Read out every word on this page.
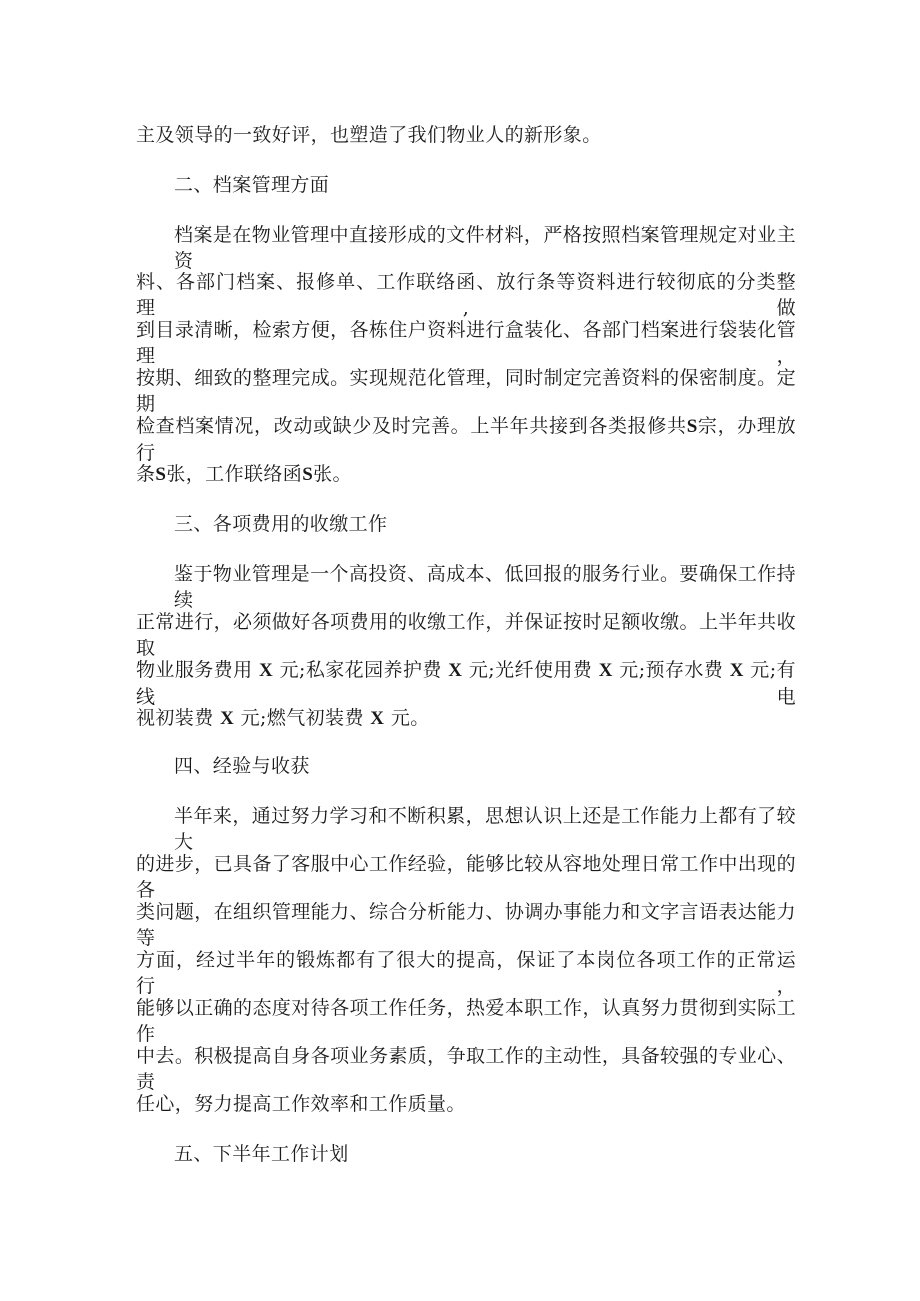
主及领导的一致好评，也塑造了我们物业人的新形象。
二、档案管理方面
档案是在物业管理中直接形成的文件材料，严格按照档案管理规定对业主资
料、各部门档案、报修单、工作联络函、放行条等资料进行较彻底的分类整理,做
到目录清晰，检索方便，各栋住户资料进行盒装化、各部门档案进行袋装化管理，
按期、细致的整理完成。实现规范化管理，同时制定完善资料的保密制度。定期
检查档案情况，改动或缺少及时完善。上半年共接到各类报修共S宗，办理放行
条S张，工作联络函S张。
三、各项费用的收缴工作
鉴于物业管理是一个高投资、高成本、低回报的服务行业。要确保工作持续
正常进行，必须做好各项费用的收缴工作，并保证按时足额收缴。上半年共收取
物业服务费用 X 元;私家花园养护费 X 元;光纤使用费 X 元;预存水费 X 元;有线电
视初装费 X 元;燃气初装费 X 元。
四、经验与收获
半年来，通过努力学习和不断积累，思想认识上还是工作能力上都有了较大
的进步，已具备了客服中心工作经验，能够比较从容地处理日常工作中出现的各
类问题，在组织管理能力、综合分析能力、协调办事能力和文字言语表达能力等
方面，经过半年的锻炼都有了很大的提高，保证了本岗位各项工作的正常运行，
能够以正确的态度对待各项工作任务，热爱本职工作，认真努力贯彻到实际工作
中去。积极提高自身各项业务素质，争取工作的主动性，具备较强的专业心、责
任心，努力提高工作效率和工作质量。
五、下半年工作计划
